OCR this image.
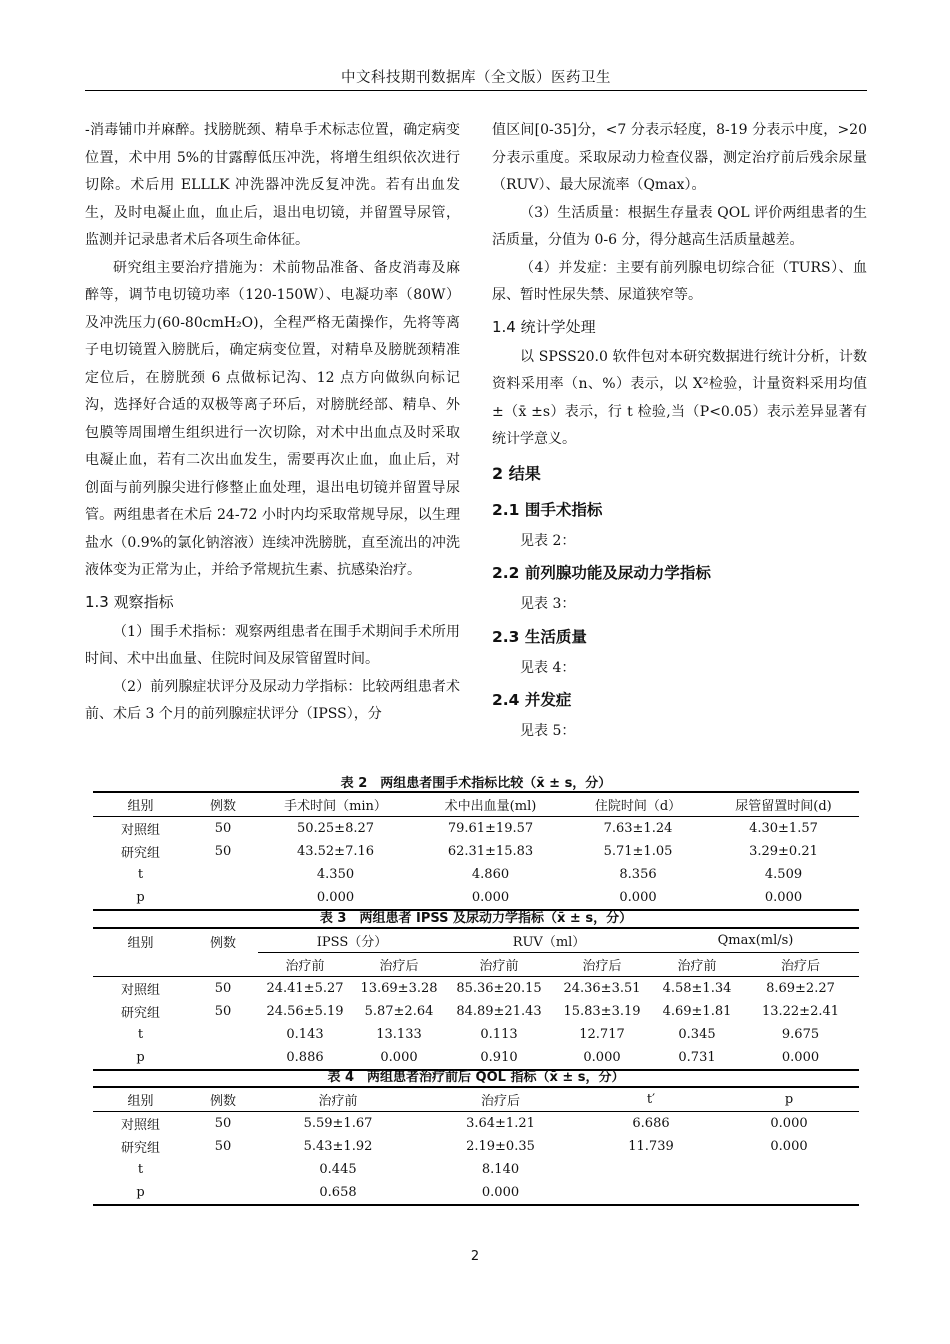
中文科技期刊数据库（全文版）医药卫生

-消毒铺巾并麻醉。找膀胱颈、精阜手术标志位置，确定病变位置，术中用 5%的甘露醇低压冲洗，将增生组织依次进行切除。术后用 ELLLK 冲洗器冲洗反复冲洗。若有出血发生，及时电凝止血，血止后，退出电切镜，并留置导尿管，监测并记录患者术后各项生命体征。

研究组主要治疗措施为：术前物品准备、备皮消毒及麻醉等，调节电切镜功率（120-150W）、电凝功率（80W）及冲洗压力(60-80cmH₂O)，全程严格无菌操作，先将等离子电切镜置入膀胱后，确定病变位置，对精阜及膀胱颈精准定位后，在膀胱颈 6 点做标记沟、12 点方向做纵向标记沟，选择好合适的双极等离子环后，对膀胱经部、精阜、外包膜等周围增生组织进行一次切除，对术中出血点及时采取电凝止血，若有二次出血发生，需要再次止血，血止后，对创面与前列腺尖进行修整止血处理，退出电切镜并留置导尿管。两组患者在术后 24-72 小时内均采取常规导尿，以生理盐水（0.9%的氯化钠溶液）连续冲洗膀胱，直至流出的冲洗液体变为正常为止，并给予常规抗生素、抗感染治疗。

1.3 观察指标

（1）围手术指标：观察两组患者在围手术期间手术所用时间、术中出血量、住院时间及尿管留置时间。

（2）前列腺症状评分及尿动力学指标：比较两组患者术前、术后 3 个月的前列腺症状评分（IPSS），分

值区间[0-35]分，<7 分表示轻度，8-19 分表示中度，>20 分表示重度。采取尿动力检查仪器，测定治疗前后残余尿量（RUV）、最大尿流率（Qmax）。

（3）生活质量：根据生存量表 QOL 评价两组患者的生活质量，分值为 0-6 分，得分越高生活质量越差。

（4）并发症：主要有前列腺电切综合征（TURS）、血尿、暂时性尿失禁、尿道狭窄等。

1.4 统计学处理

以 SPSS20.0 软件包对本研究数据进行统计分析，计数资料采用率（n、%）表示，以 X²检验，计量资料采用均值±（x̄ ±s）表示，行 t 检验,当（P<0.05）表示差异显著有统计学意义。

2 结果

2.1 围手术指标

见表 2：

2.2 前列腺功能及尿动力学指标

见表 3：

2.3 生活质量

见表 4：

2.4 并发症

见表 5：

表 2　两组患者围手术指标比较（x̄ ± s，分）
组别	例数	手术时间（min）	术中出血量(ml)	住院时间（d）	尿管留置时间(d)
对照组	50	50.25±8.27	79.61±19.57	7.63±1.24	4.30±1.57
研究组	50	43.52±7.16	62.31±15.83	5.71±1.05	3.29±0.21
t		4.350	4.860	8.356	4.509
p		0.000	0.000	0.000	0.000
表 3　两组患者 IPSS 及尿动力学指标（x̄ ± s，分）
组别	例数	IPSS（分）		RUV（ml）		Qmax(ml/s)	
		治疗前	治疗后	治疗前	治疗后	治疗前	治疗后
对照组	50	24.41±5.27	13.69±3.28	85.36±20.15	24.36±3.51	4.58±1.34	8.69±2.27
研究组	50	24.56±5.19	5.87±2.64	84.89±21.43	15.83±3.19	4.69±1.81	13.22±2.41
t		0.143	13.133	0.113	12.717	0.345	9.675
p		0.886	0.000	0.910	0.000	0.731	0.000
表 4　两组患者治疗前后 QOL 指标（x̄ ± s，分）
组别	例数	治疗前	治疗后	t′	p
对照组	50	5.59±1.67	3.64±1.21	6.686	0.000
研究组	50	5.43±1.92	2.19±0.35	11.739	0.000
t		0.445	8.140		
p		0.658	0.000		
2
